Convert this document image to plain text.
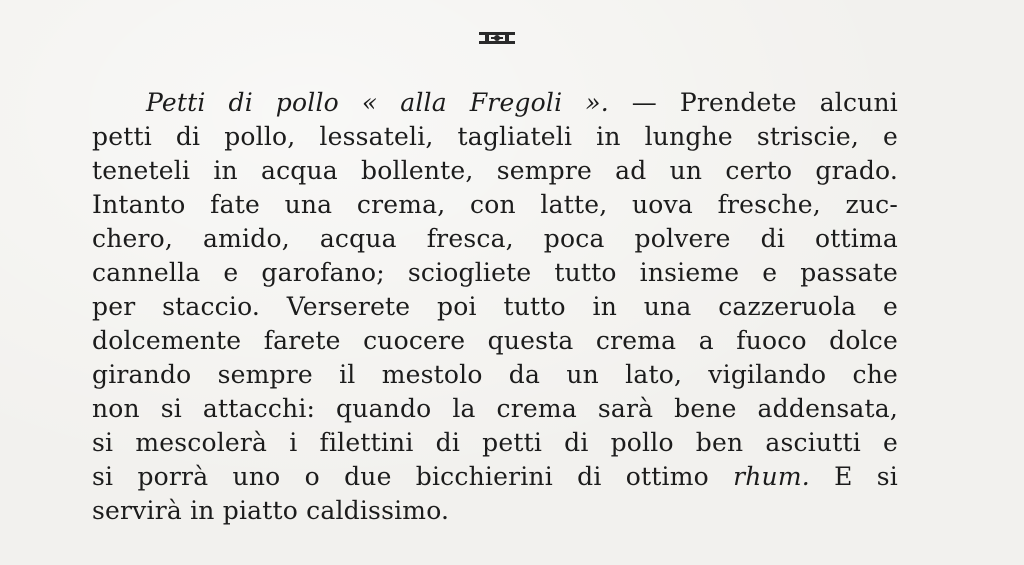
Petti di pollo « alla Fregoli ». — Prendete alcuni
petti di pollo, lessateli, tagliateli in lunghe striscie, e
teneteli in acqua bollente, sempre ad un certo grado.
Intanto fate una crema, con latte, uova fresche, zuc-
chero, amido, acqua fresca, poca polvere di ottima
cannella e garofano; sciogliete tutto insieme e passate
per staccio. Verserete poi tutto in una cazzeruola e
dolcemente farete cuocere questa crema a fuoco dolce
girando sempre il mestolo da un lato, vigilando che
non si attacchi: quando la crema sarà bene addensata,
si mescolerà i filettini di petti di pollo ben asciutti e
si porrà uno o due bicchierini di ottimo rhum. E si
servirà in piatto caldissimo.
